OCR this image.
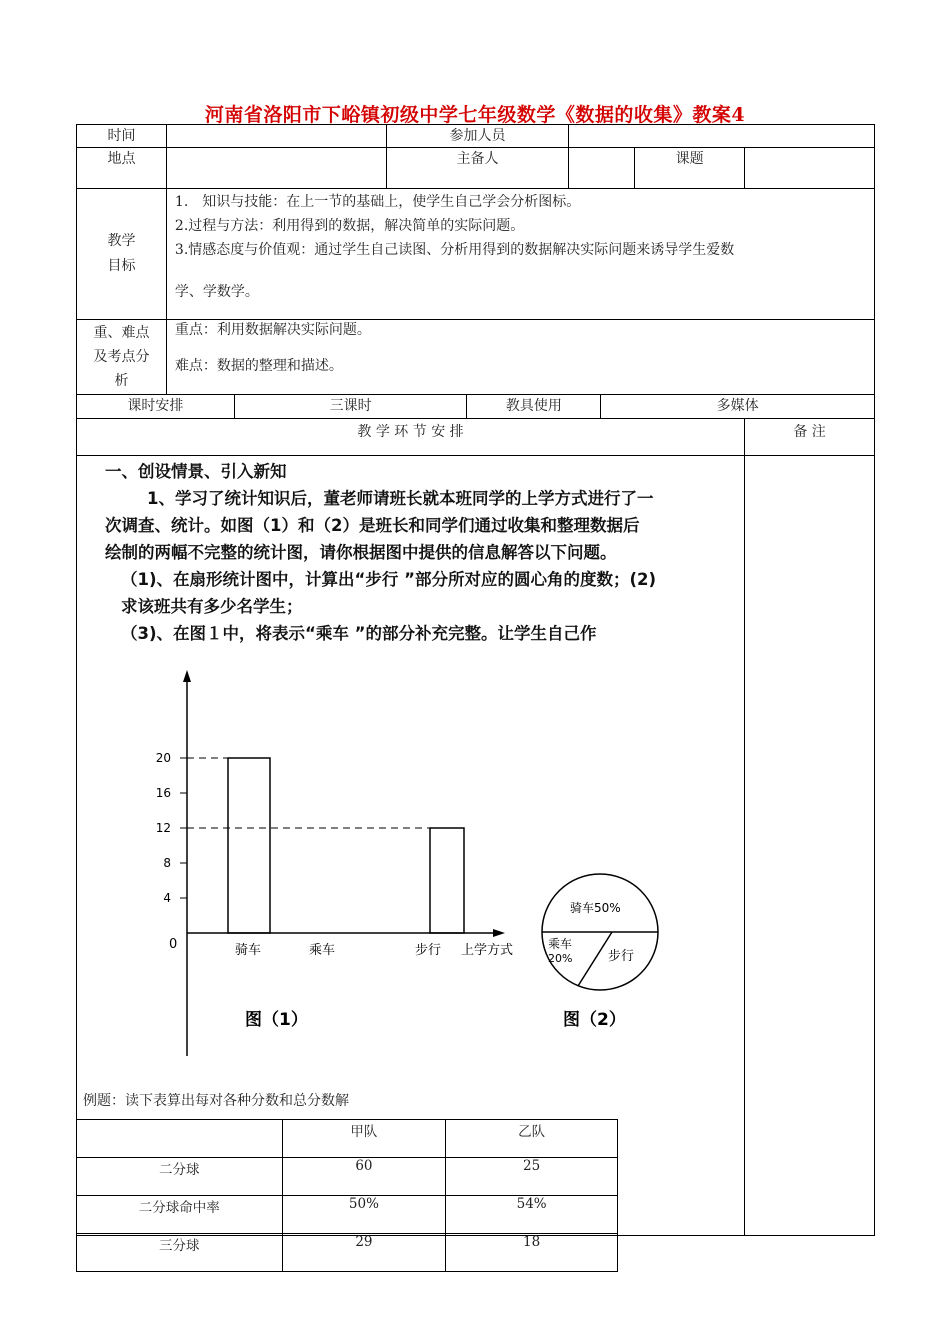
河南省洛阳市下峪镇初级中学七年级数学《数据的收集》教案4
时间		参加人员	
地点		主备人		课题	

教学
目标

1.　知识与技能：在上一节的基础上，使学生自己学会分析图标。
2.过程与方法：利用得到的数据，解决简单的实际问题。
3.情感态度与价值观：通过学生自己读图、分析用得到的数据解决实际问题来诱导学生爱数
学、学数学。

重、难点
及考点分
析

重点：利用数据解决实际问题。
难点：数据的整理和描述。

课时安排	三课时	教具使用	多媒体
教 学 环 节 安 排	备 注

一、创设情景、引入新知
1、学习了统计知识后，董老师请班长就本班同学的上学方式进行了一
次调查、统计。如图（1）和（2）是班长和同学们通过收集和整理数据后
绘制的两幅不完整的统计图，请你根据图中提供的信息解答以下问题。
（1)、在扇形统计图中，计算出“步行 ”部分所对应的圆心角的度数；(2)
求该班共有多少名学生；
（3)、在图１中，将表示“乘车 ”的部分补充完整。让学生自己作
4
8
12
16
20
骑车	乘车	步行 上学方式
0
图（1）
骑车50%
乘车
20%	步行
图（2）
例题：读下表算出每对各种分数和总分数解
	甲队	乙队
二分球	60	25
二分球命中率	50%	54%
三分球	29	18
